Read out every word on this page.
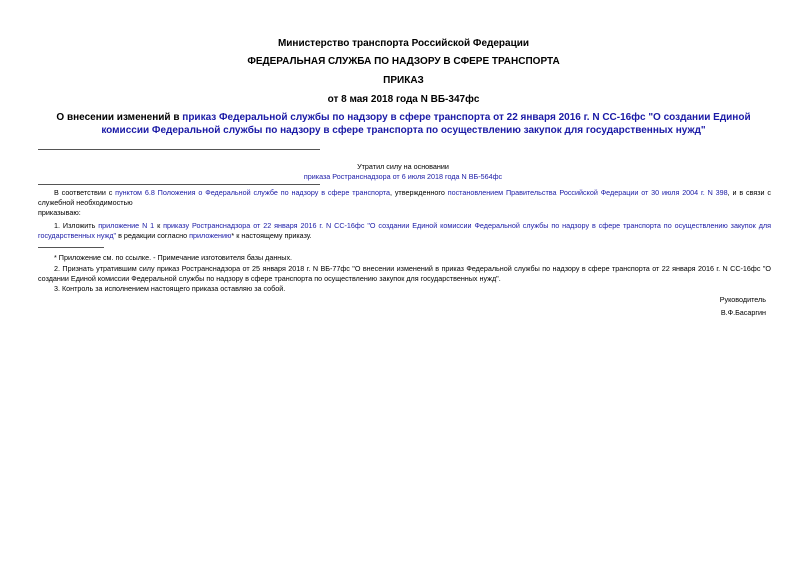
Министерство транспорта Российской Федерации
ФЕДЕРАЛЬНАЯ СЛУЖБА ПО НАДЗОРУ В СФЕРЕ ТРАНСПОРТА
ПРИКАЗ
от 8 мая 2018 года N ВБ-347фс
О внесении изменений в приказ Федеральной службы по надзору в сфере транспорта от 22 января 2016 г. N СС-16фс "О создании Единой комиссии Федеральной службы по надзору в сфере транспорта по осуществлению закупок для государственных нужд"
Утратил силу на основании
приказа Ространснадзора от 6 июля 2018 года N ВБ-564фс
В соответствии с пунктом 6.8 Положения о Федеральной службе по надзору в сфере транспорта, утвержденного постановлением Правительства Российской Федерации от 30 июля 2004 г. N 398, и в связи с служебной необходимостью
приказываю:
1. Изложить приложение N 1 к приказу Ространснадзора от 22 января 2016 г. N СС-16фс "О создании Единой комиссии Федеральной службы по надзору в сфере транспорта по осуществлению закупок для государственных нужд" в редакции согласно приложению* к настоящему приказу.
* Приложение см. по ссылке. - Примечание изготовителя базы данных.
2. Признать утратившим силу приказ Ространснадзора от 25 января 2018 г. N ВБ-77фс "О внесении изменений в приказ Федеральной службы по надзору в сфере транспорта от 22 января 2016 г. N СС-16фс "О создании Единой комиссии Федеральной службы по надзору в сфере транспорта по осуществлению закупок для государственных нужд".
3. Контроль за исполнением настоящего приказа оставляю за собой.
Руководитель
В.Ф.Басаргин
